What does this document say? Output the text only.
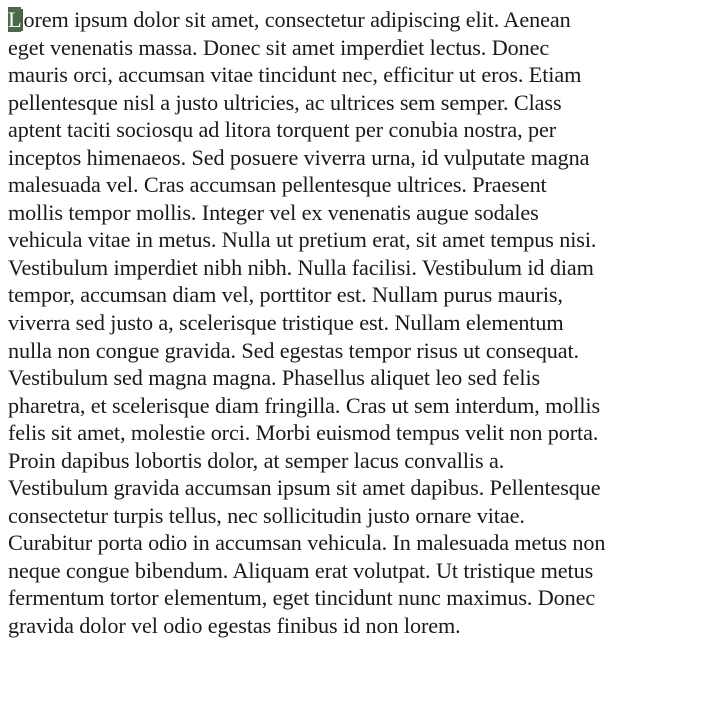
Lorem ipsum dolor sit amet, consectetur adipiscing elit. Aenean
eget venenatis massa. Donec sit amet imperdiet lectus. Donec
mauris orci, accumsan vitae tincidunt nec, efficitur ut eros. Etiam
pellentesque nisl a justo ultricies, ac ultrices sem semper. Class
aptent taciti sociosqu ad litora torquent per conubia nostra, per
inceptos himenaeos. Sed posuere viverra urna, id vulputate magna
malesuada vel. Cras accumsan pellentesque ultrices. Praesent
mollis tempor mollis. Integer vel ex venenatis augue sodales
vehicula vitae in metus. Nulla ut pretium erat, sit amet tempus nisi.
Vestibulum imperdiet nibh nibh. Nulla facilisi. Vestibulum id diam
tempor, accumsan diam vel, porttitor est. Nullam purus mauris,
viverra sed justo a, scelerisque tristique est. Nullam elementum
nulla non congue gravida. Sed egestas tempor risus ut consequat.
Vestibulum sed magna magna. Phasellus aliquet leo sed felis
pharetra, et scelerisque diam fringilla. Cras ut sem interdum, mollis
felis sit amet, molestie orci. Morbi euismod tempus velit non porta.
Proin dapibus lobortis dolor, at semper lacus convallis a.
Vestibulum gravida accumsan ipsum sit amet dapibus. Pellentesque
consectetur turpis tellus, nec sollicitudin justo ornare vitae.
Curabitur porta odio in accumsan vehicula. In malesuada metus non
neque congue bibendum. Aliquam erat volutpat. Ut tristique metus
fermentum tortor elementum, eget tincidunt nunc maximus. Donec
gravida dolor vel odio egestas finibus id non lorem.
